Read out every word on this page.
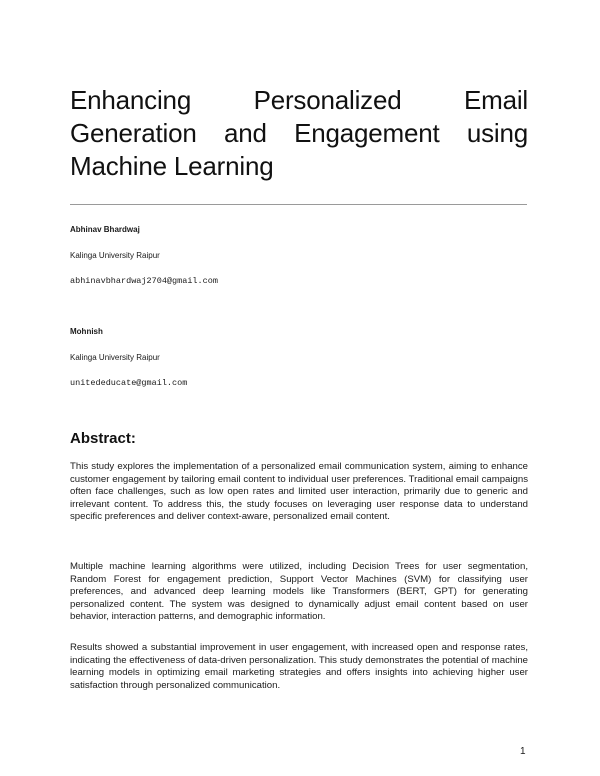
Enhancing Personalized Email Generation and Engagement using Machine Learning

Abhinav Bhardwaj

Kalinga University Raipur

abhinavbhardwaj2704@gmail.com

Mohnish

Kalinga University Raipur

unitededucate@gmail.com

Abstract:

This study explores the implementation of a personalized email communication system, aiming to enhance customer engagement by tailoring email content to individual user preferences. Traditional email campaigns often face challenges, such as low open rates and limited user interaction, primarily due to generic and irrelevant content. To address this, the study focuses on leveraging user response data to understand specific preferences and deliver context-aware, personalized email content.

Multiple machine learning algorithms were utilized, including Decision Trees for user segmentation, Random Forest for engagement prediction, Support Vector Machines (SVM) for classifying user preferences, and advanced deep learning models like Transformers (BERT, GPT) for generating personalized content. The system was designed to dynamically adjust email content based on user behavior, interaction patterns, and demographic information.

Results showed a substantial improvement in user engagement, with increased open and response rates, indicating the effectiveness of data-driven personalization. This study demonstrates the potential of machine learning models in optimizing email marketing strategies and offers insights into achieving higher user satisfaction through personalized communication.

1
